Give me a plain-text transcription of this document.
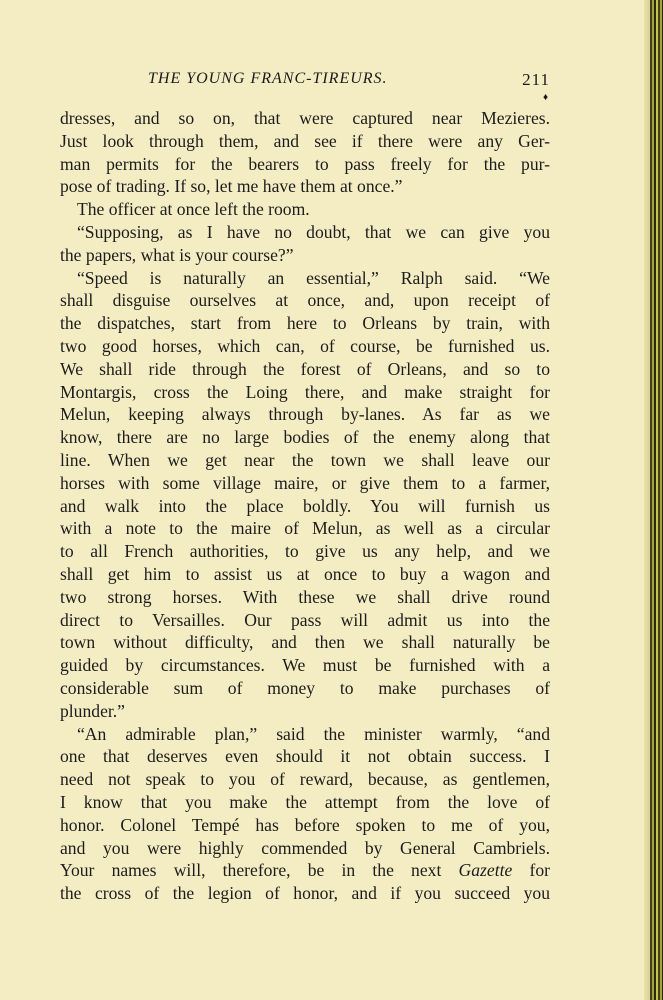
THE YOUNG FRANC-TIREURS.	211
♦
dresses, and so on, that were captured near Mezieres.
Just look through them, and see if there were any Ger-
man permits for the bearers to pass freely for the pur-
pose of trading. If so, let me have them at once.”
The officer at once left the room.
“Supposing, as I have no doubt, that we can give you
the papers, what is your course?”
“Speed is naturally an essential,” Ralph said. “We
shall disguise ourselves at once, and, upon receipt of
the dispatches, start from here to Orleans by train, with
two good horses, which can, of course, be furnished us.
We shall ride through the forest of Orleans, and so to
Montargis, cross the Loing there, and make straight for
Melun, keeping always through by-lanes. As far as we
know, there are no large bodies of the enemy along that
line. When we get near the town we shall leave our
horses with some village maire, or give them to a farmer,
and walk into the place boldly. You will furnish us
with a note to the maire of Melun, as well as a circular
to all French authorities, to give us any help, and we
shall get him to assist us at once to buy a wagon and
two strong horses. With these we shall drive round
direct to Versailles. Our pass will admit us into the
town without difficulty, and then we shall naturally be
guided by circumstances. We must be furnished with a
considerable sum of money to make purchases of
plunder.”
“An admirable plan,” said the minister warmly, “and
one that deserves even should it not obtain success. I
need not speak to you of reward, because, as gentlemen,
I know that you make the attempt from the love of
honor. Colonel Tempé has before spoken to me of you,
and you were highly commended by General Cambriels.
Your names will, therefore, be in the next Gazette for
the cross of the legion of honor, and if you succeed you
